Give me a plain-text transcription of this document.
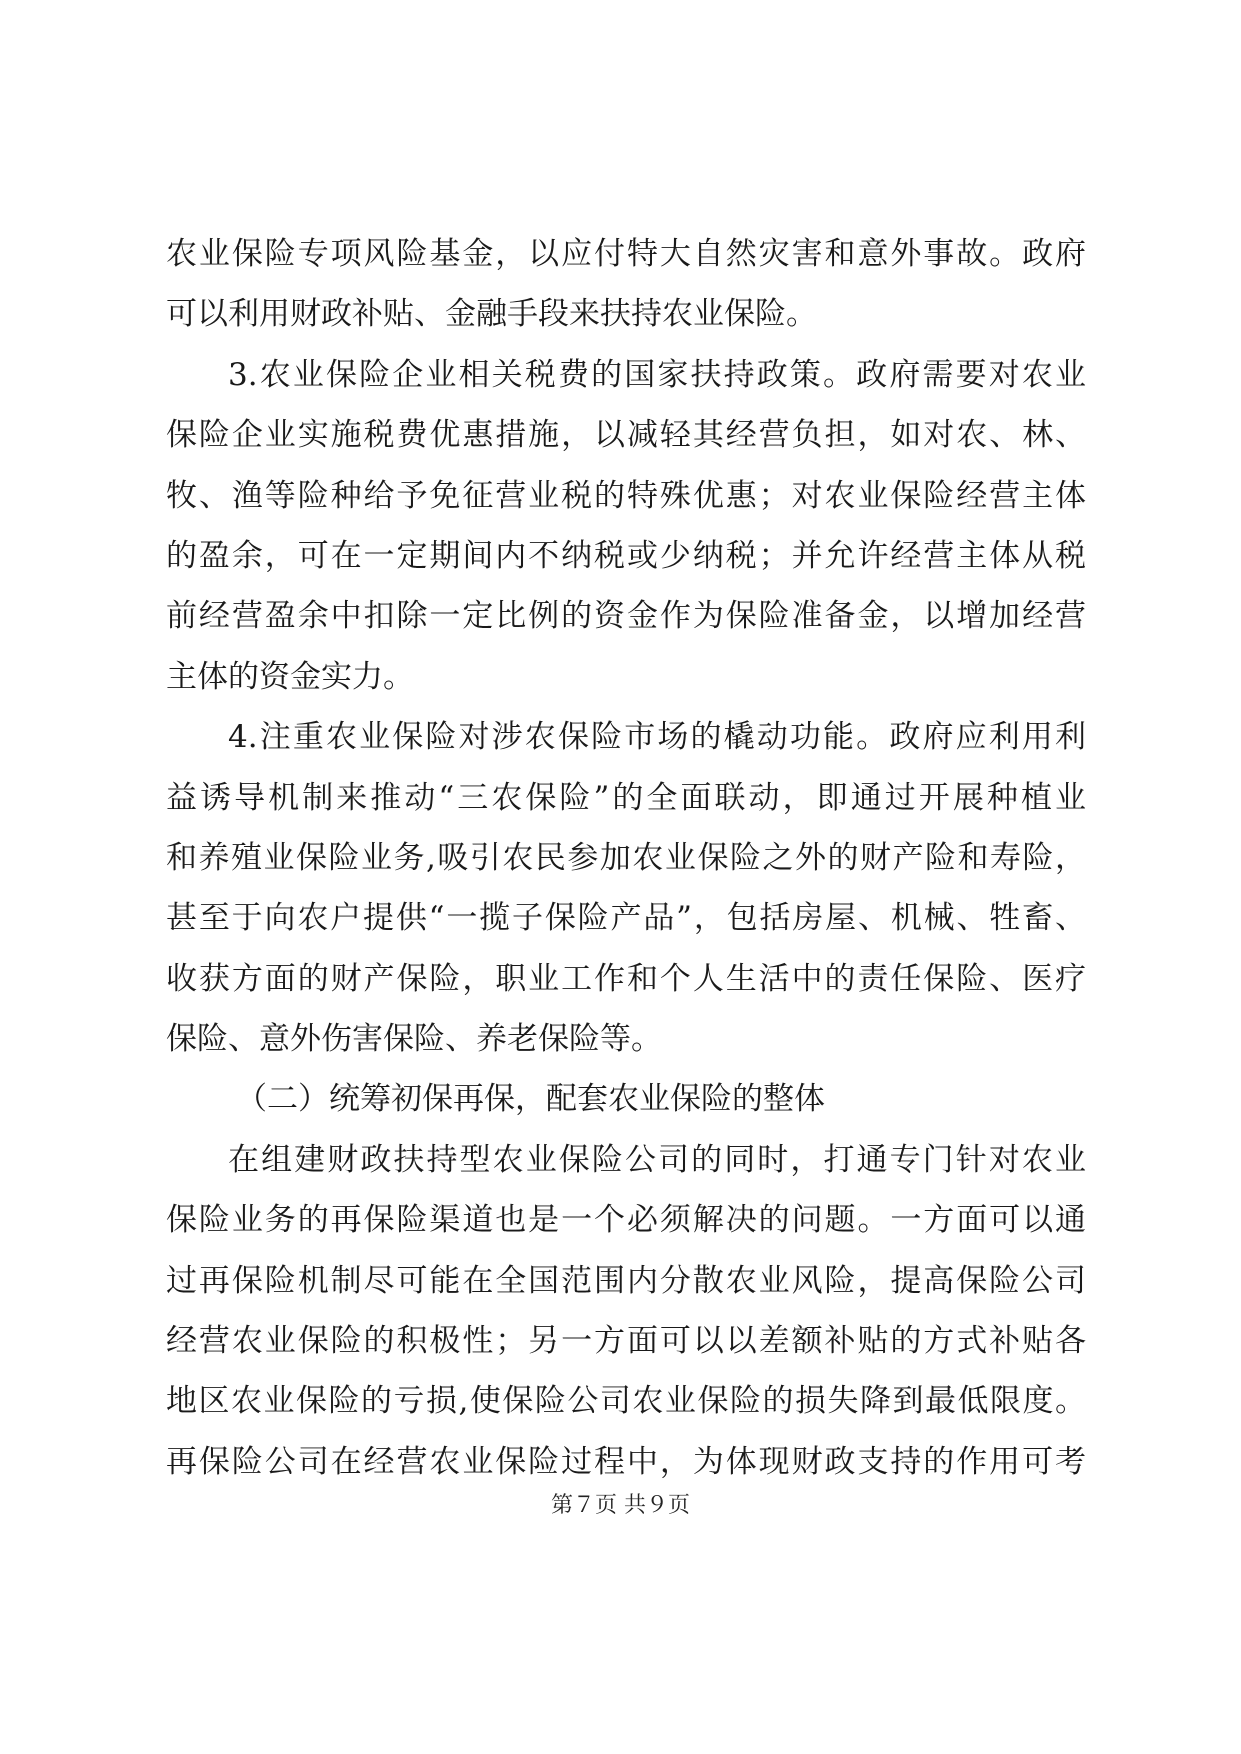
农业保险专项风险基金，以应付特大自然灾害和意外事故。政府
可以利用财政补贴、金融手段来扶持农业保险。
3.农业保险企业相关税费的国家扶持政策。政府需要对农业
保险企业实施税费优惠措施，以减轻其经营负担，如对农、林、
牧、渔等险种给予免征营业税的特殊优惠；对农业保险经营主体
的盈余，可在一定期间内不纳税或少纳税；并允许经营主体从税
前经营盈余中扣除一定比例的资金作为保险准备金，以增加经营
主体的资金实力。
4.注重农业保险对涉农保险市场的橇动功能。政府应利用利
益诱导机制来推动“三农保险”的全面联动，即通过开展种植业
和养殖业保险业务,吸引农民参加农业保险之外的财产险和寿险，
甚至于向农户提供“一揽子保险产品”，包括房屋、机械、牲畜、
收获方面的财产保险，职业工作和个人生活中的责任保险、医疗
保险、意外伤害保险、养老保险等。
（二）统筹初保再保，配套农业保险的整体
在组建财政扶持型农业保险公司的同时，打通专门针对农业
保险业务的再保险渠道也是一个必须解决的问题。一方面可以通
过再保险机制尽可能在全国范围内分散农业风险，提高保险公司
经营农业保险的积极性；另一方面可以以差额补贴的方式补贴各
地区农业保险的亏损,使保险公司农业保险的损失降到最低限度。
再保险公司在经营农业保险过程中，为体现财政支持的作用可考
第７页 共９页
